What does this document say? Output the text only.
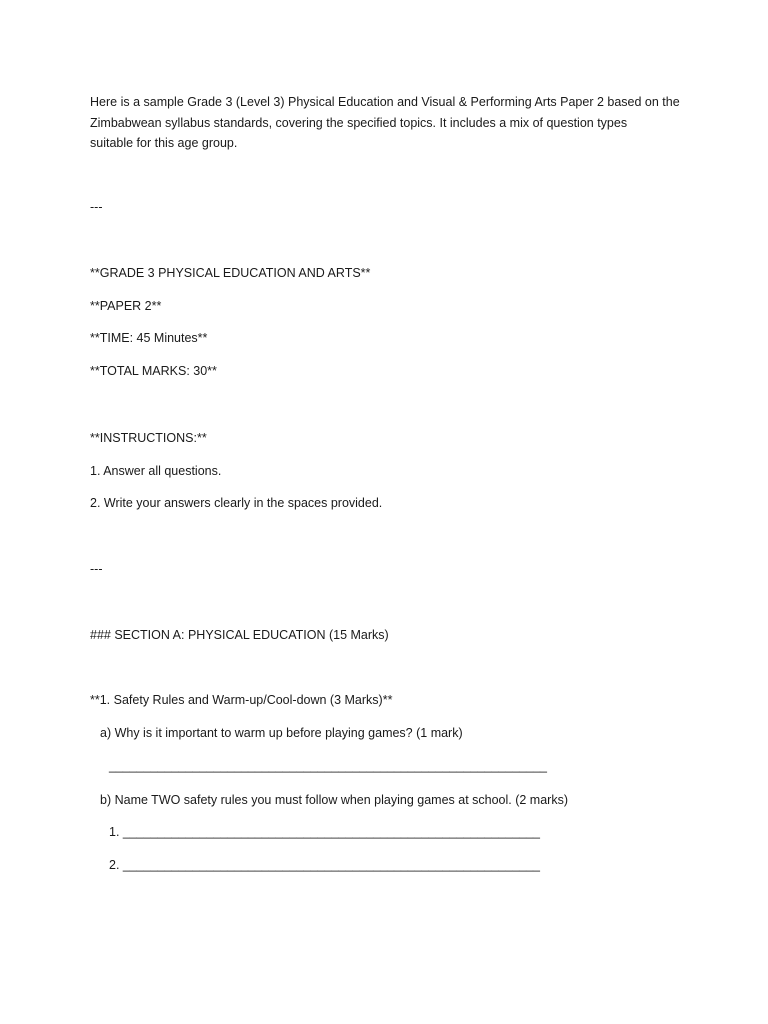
Here is a sample Grade 3 (Level 3) Physical Education and Visual & Performing Arts Paper 2 based on the
Zimbabwean syllabus standards, covering the specified topics. It includes a mix of question types
suitable for this age group.
---
**GRADE 3 PHYSICAL EDUCATION AND ARTS**
**PAPER 2**
**TIME: 45 Minutes**
**TOTAL MARKS: 30**
**INSTRUCTIONS:**
1. Answer all questions.
2. Write your answers clearly in the spaces provided.
---
### SECTION A: PHYSICAL EDUCATION (15 Marks)
**1. Safety Rules and Warm-up/Cool-down (3 Marks)**
a) Why is it important to warm up before playing games? (1 mark)
_______________________________________________________________
b) Name TWO safety rules you must follow when playing games at school. (2 marks)
1. ____________________________________________________________
2. ____________________________________________________________
